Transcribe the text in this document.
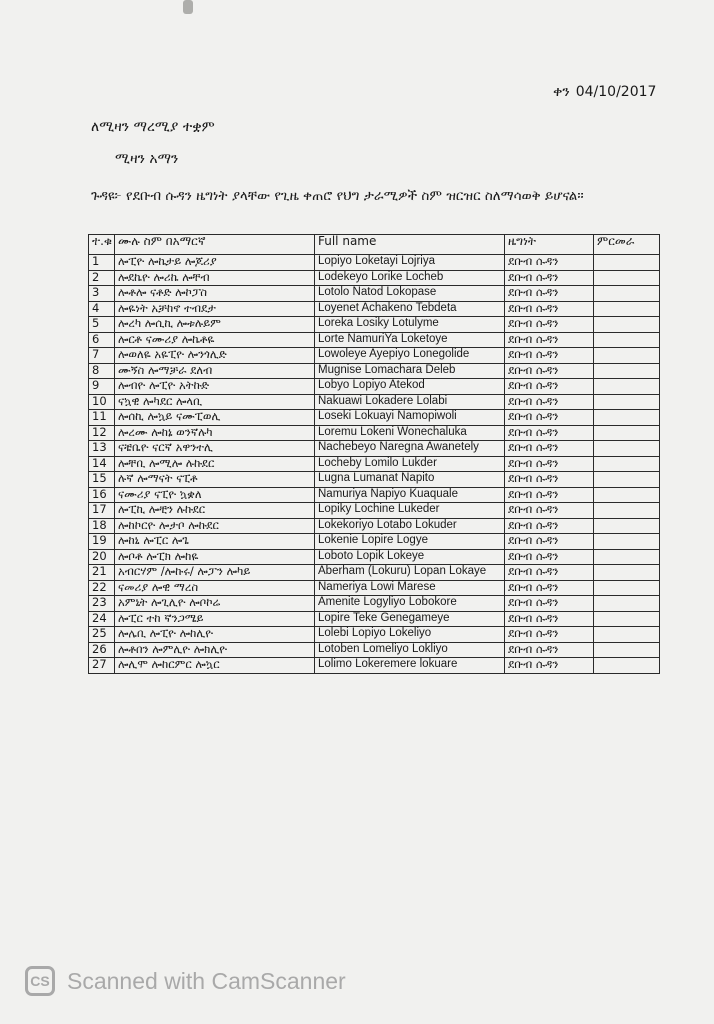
ቀን 04/10/2017
ለሚዛን ማረሚያ ተቋም
ሚዛን አማን
ጉዳዩ፦ የደቡብ ሱዳን ዜግነት ያላቸው የጊዜ ቀጠሮ የህግ ታራሚዎች ስም ዝርዝር ስለማሳወቅ ይሆናል።
ተ.ቁ	ሙሉ ስም በአማርኛ	Full name	ዜግነት	ምርመራ
1	ሎፒዮ ሎኬታይ ሎጆሪያ	Lopiyo Loketayi Lojriya	ደቡብ ሱዳን	
2	ሎደኬዮ ሎሪኬ ሎቸብ	Lodekeyo Lorike Locheb	ደቡብ ሱዳን	
3	ሎቶሎ ናቶድ ሎኮፓስ	Lotolo Natod Lokopase	ደቡብ ሱዳን	
4	ሎዬነት አቻከኖ ተብደታ	Loyenet Achakeno Tebdeta	ደቡብ ሱዳን	
5	ሎረካ ሎሲኪ ሎቱሉይም	Loreka Losiky Lotulyme	ደቡብ ሱዳን	
6	ሎርቶ ናሙሪያ ሎኬቶዬ	Lorte NamuriYa Loketoye	ደቡብ ሱዳን	
7	ሎወለዬ አዬፒዮ ሎንጎሊድ	Lowoleye Ayepiyo Lonegolide	ደቡብ ሱዳን	
8	ሙኝስ ሎማቻራ ደለብ	Mugnise Lomachara Deleb	ደቡብ ሱዳን	
9	ሎብዮ ሎፒዮ አትኩድ	Lobyo Lopiyo Atekod	ደቡብ ሱዳን	
10	ናኳዊ ሎካደር ሎላቢ	Nakuawi Lokadere Lolabi	ደቡብ ሱዳን	
11	ሎሰኪ ሎኳይ ናሙፒወሊ	Loseki Lokuayi Namopiwoli	ደቡብ ሱዳን	
12	ሎረሙ ሎከኔ ወንኛሉካ	Loremu Lokeni Wonechaluka	ደቡብ ሱዳን	
13	ናቼቤዮ ናርኛ አዋንተሊ	Nachebeyo Naregna Awanetely	ደቡብ ሱዳን	
14	ሎቸቢ ሎሚሎ ሉኩደር	Locheby Lomilo Lukder	ደቡብ ሱዳን	
15	ሉኛ ሎማናት ናፒቶ	Lugna Lumanat Napito	ደቡብ ሱዳን	
16	ናሙሪያ ናፒዮ ኳቋለ	Namuriya Napiyo Kuaquale	ደቡብ ሱዳን	
17	ሎፒኪ ሎቺን ሉኩደር	Lopiky Lochine Lukeder	ደቡብ ሱዳን	
18	ሎከኮርዮ ሎታቦ ሎኩደር	Lokekoriyo Lotabo Lokuder	ደቡብ ሱዳን	
19	ሎከኒ ሎፒር ሎጌ	Lokenie Lopire Logye	ደቡብ ሱዳን	
20	ሎቦቶ ሎፒክ ሎከዬ	Loboto Lopik Lokeye	ደቡብ ሱዳን	
21	አብርሃም /ሎኩሩ/ ሎፓን ሎካይ	Aberham (Lokuru) Lopan Lokaye	ደቡብ ሱዳን	
22	ናመሪያ ሎዊ ማረስ	Nameriya Lowi Marese	ደቡብ ሱዳን	
23	አምኒት ሎጊሊዮ ሎቦኮሬ	Amenite Logyliyo Lobokore	ደቡብ ሱዳን	
24	ሎፒር ተከ ኛንጋሜይ	Lopire Teke Genegameye	ደቡብ ሱዳን	
25	ሎሌቢ ሎፒዮ ሎከሊዮ	Lolebi Lopiyo Lokeliyo	ደቡብ ሱዳን	
26	ሎቶበን ሎምሊዮ ሎክሊዮ	Lotoben Lomeliyo Lokliyo	ደቡብ ሱዳን	
27	ሎሊሞ ሎከርምር ሎኳር	Lolimo Lokeremere lokuare	ደቡብ ሱዳን	
CS Scanned with CamScanner
